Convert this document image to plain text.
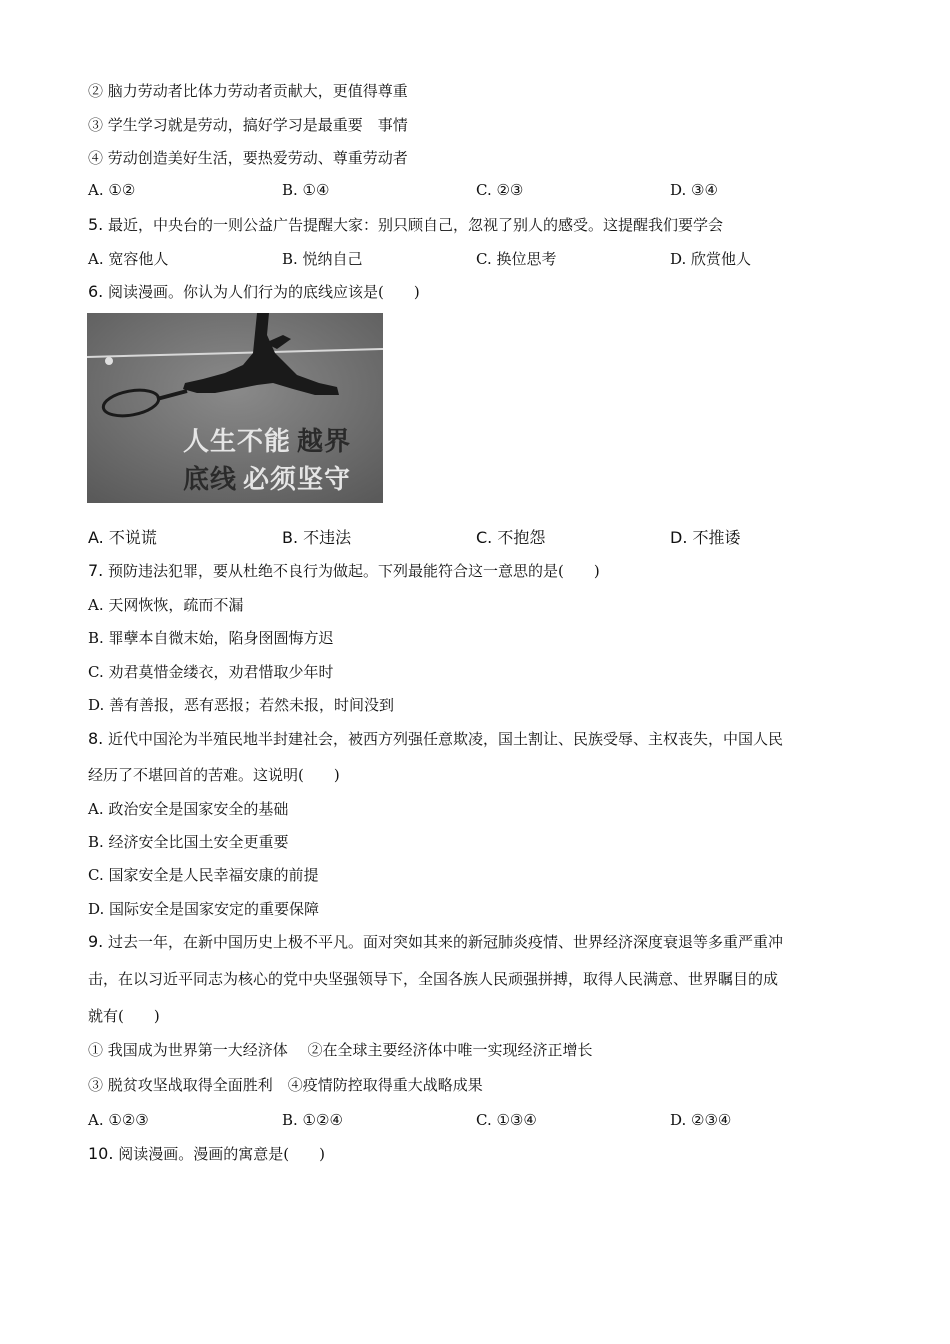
② 脑力劳动者比体力劳动者贡献大，更值得尊重
③ 学生学习就是劳动，搞好学习是最重要　事情
④ 劳动创造美好生活，要热爱劳动、尊重劳动者
A. ①②	B. ①④	C. ②③	D. ③④
5. 最近，中央台的一则公益广告提醒大家：别只顾自己，忽视了别人的感受。这提醒我们要学会
A. 宽容他人	B. 悦纳自己	C. 换位思考	D. 欣赏他人
6. 阅读漫画。你认为人们行为的底线应该是(　　)
人生不能 越界
底线 必须坚守
A. 不说谎	B. 不违法	C. 不抱怨	D. 不推诿
7. 预防违法犯罪，要从杜绝不良行为做起。下列最能符合这一意思的是(　　)
A. 天网恢恢，疏而不漏
B. 罪孽本自微末始，陷身囹圄悔方迟
C. 劝君莫惜金缕衣，劝君惜取少年时
D. 善有善报，恶有恶报；若然未报，时间没到
8. 近代中国沦为半殖民地半封建社会，被西方列强任意欺凌，国土割让、民族受辱、主权丧失，中国人民
经历了不堪回首的苦难。这说明(　　)
A. 政治安全是国家安全的基础
B. 经济安全比国土安全更重要
C. 国家安全是人民幸福安康的前提
D. 国际安全是国家安定的重要保障
9. 过去一年，在新中国历史上极不平凡。面对突如其来的新冠肺炎疫情、世界经济深度衰退等多重严重冲
击，在以习近平同志为核心的党中央坚强领导下，全国各族人民顽强拼搏，取得人民满意、世界瞩目的成
就有(　　)
① 我国成为世界第一大经济体　 ②在全球主要经济体中唯一实现经济正增长
③ 脱贫攻坚战取得全面胜利　④疫情防控取得重大战略成果
A. ①②③	B. ①②④	C. ①③④	D. ②③④
10. 阅读漫画。漫画的寓意是(　　)
